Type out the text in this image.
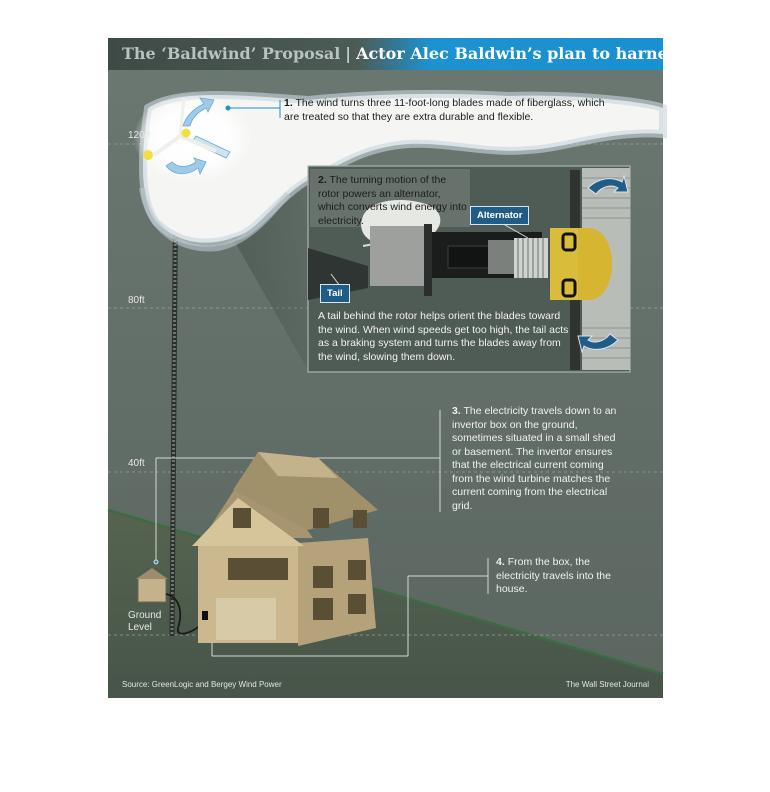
The ‘Baldwind’ Proposal | Actor Alec Baldwin’s plan to harness wind
120ft
80ft
40ft
Ground
Level
1. The wind turns three 11-foot-long blades made of fiberglass, which are treated so that they are extra durable and flexible.
2. The turning motion of the rotor powers an alternator, which converts wind energy into electricity.	Alternator
Tail
A tail behind the rotor helps orient the blades toward the wind. When wind speeds get too high, the tail acts as a braking system and turns the blades away from the wind, slowing them down.
3. The electricity travels down to an invertor box on the ground, sometimes situated in a small shed or basement. The invertor ensures that the electrical current coming from the wind turbine matches the current coming from the electrical grid.
4. From the box, the electricity travels into the house.
Source: GreenLogic and Bergey Wind Power	The Wall Street Journal
